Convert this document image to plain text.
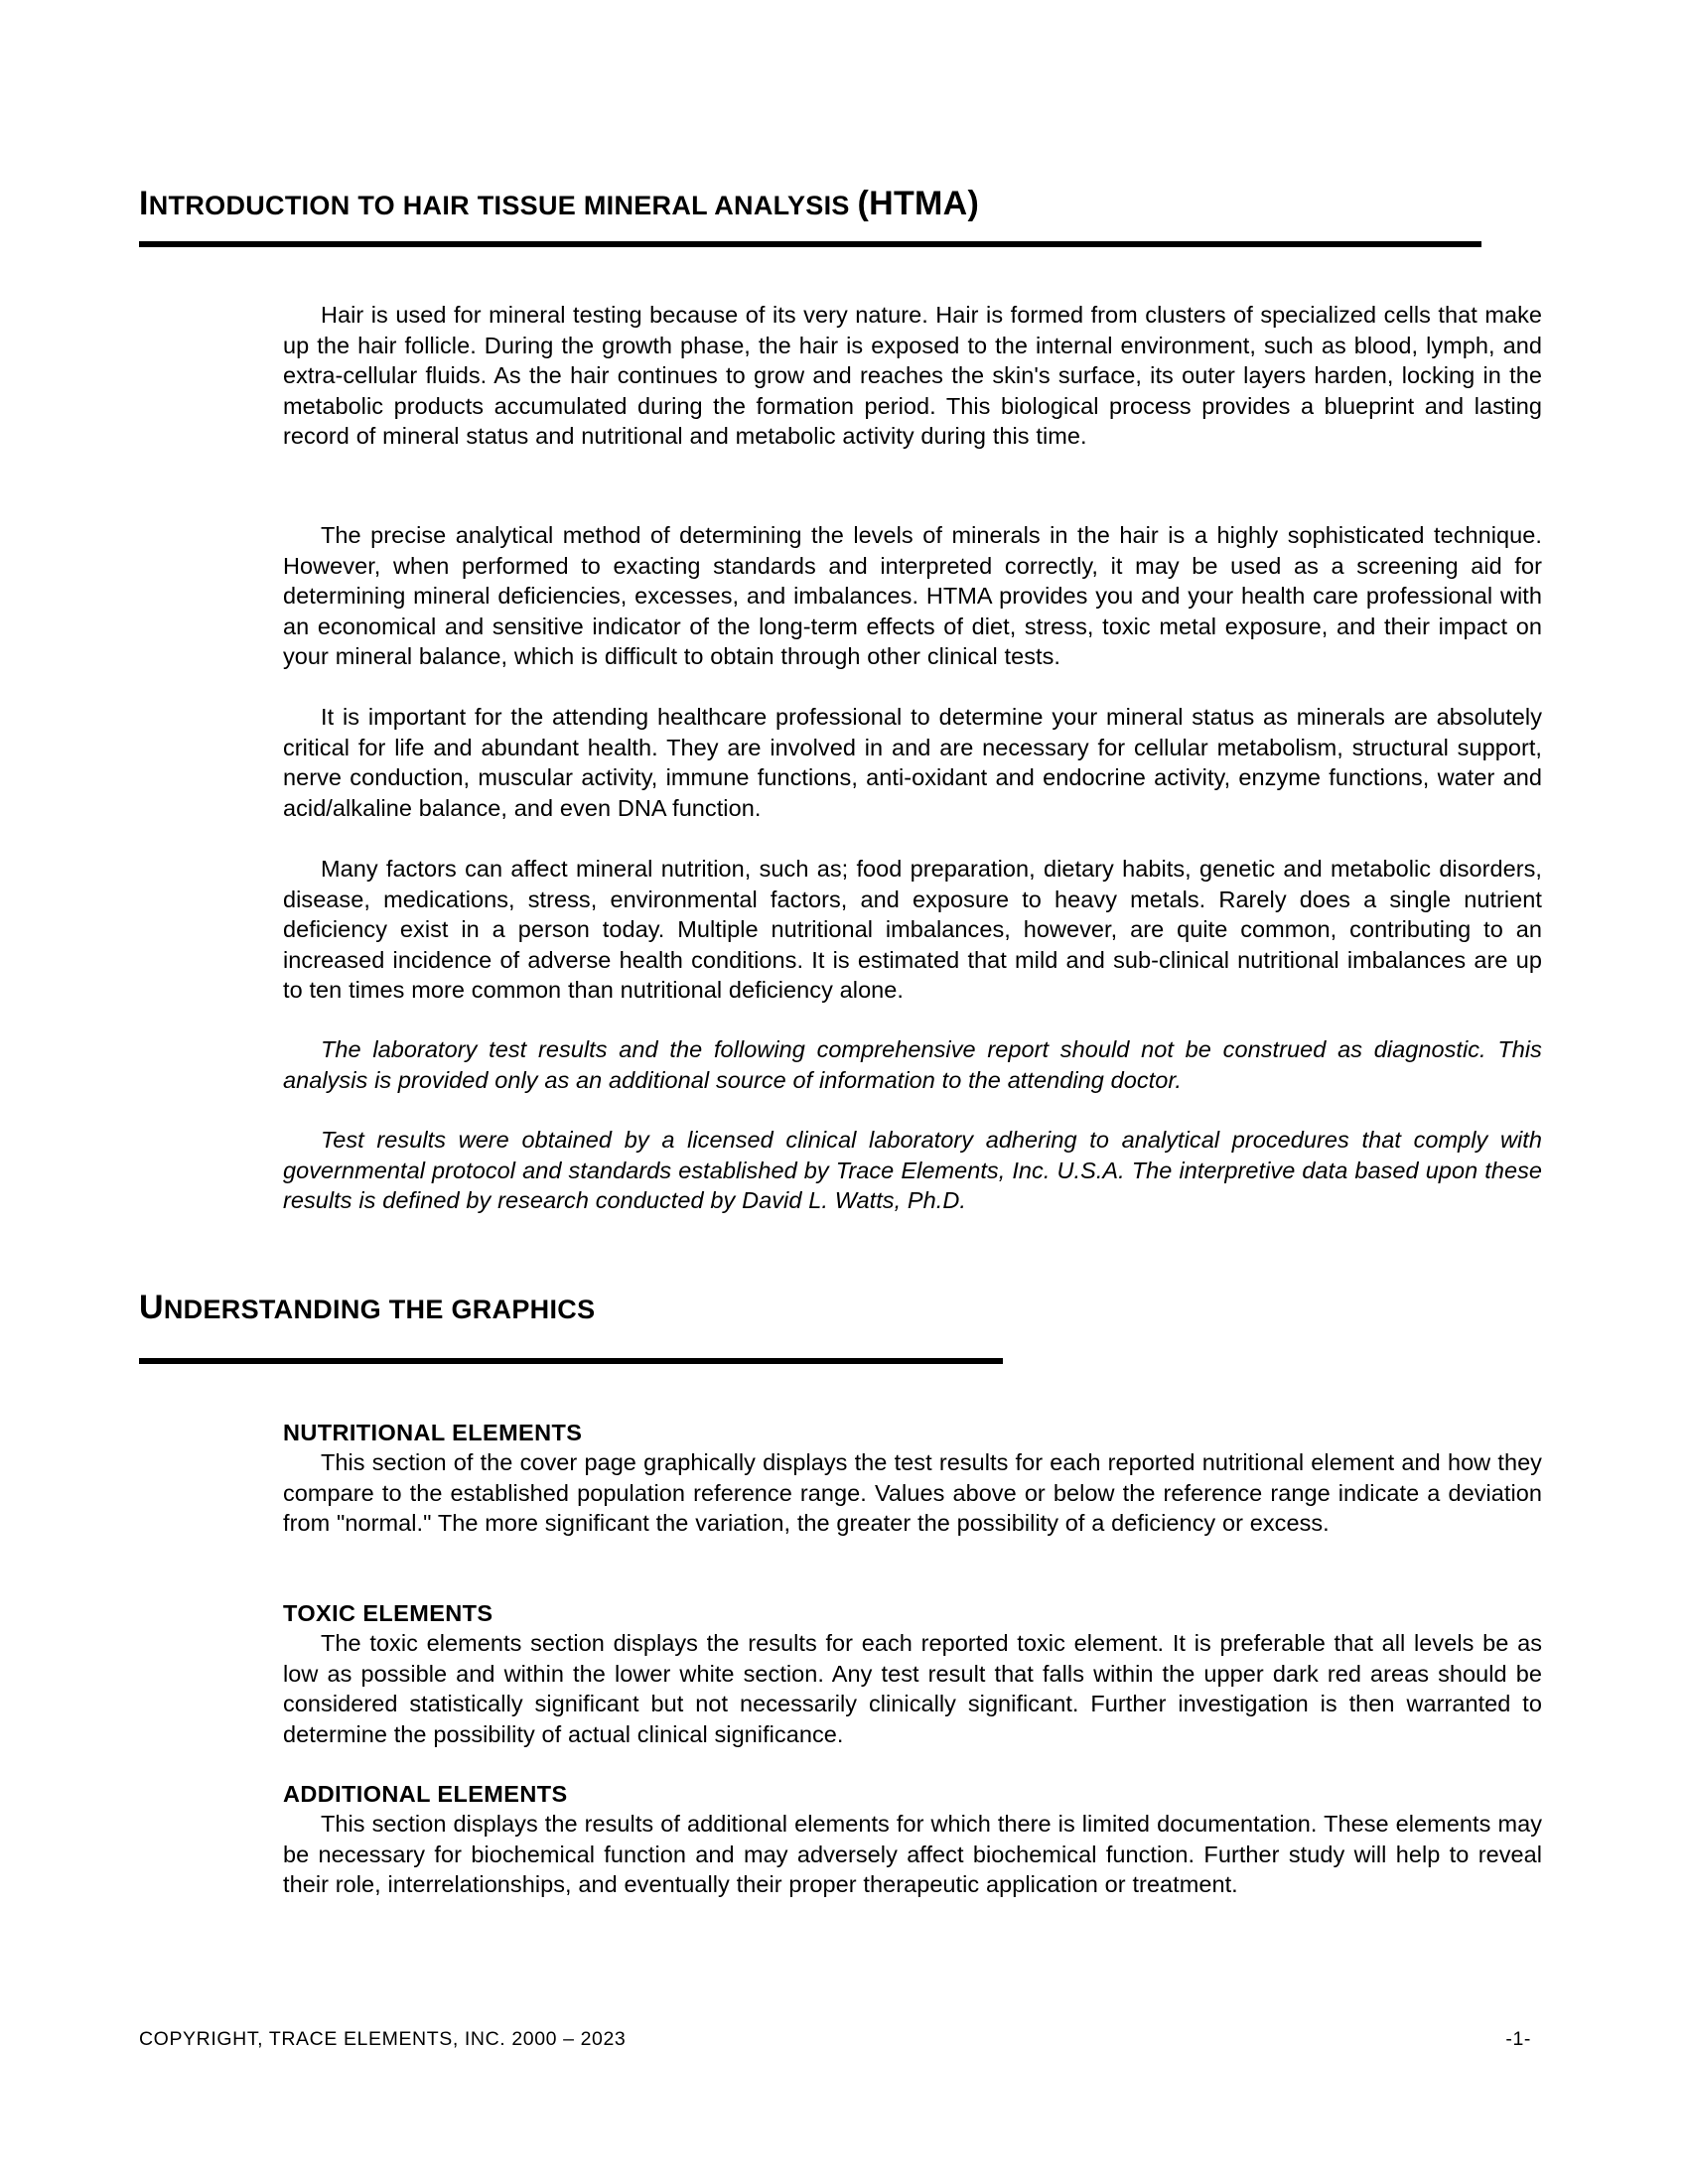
INTRODUCTION TO HAIR TISSUE MINERAL ANALYSIS (HTMA)

Hair is used for mineral testing because of its very nature. Hair is formed from clusters of specialized cells that make up the hair follicle. During the growth phase, the hair is exposed to the internal environment, such as blood, lymph, and extra-cellular fluids. As the hair continues to grow and reaches the skin's surface, its outer layers harden, locking in the metabolic products accumulated during the formation period. This biological process provides a blueprint and lasting record of mineral status and nutritional and metabolic activity during this time.

The precise analytical method of determining the levels of minerals in the hair is a highly sophisticated technique. However, when performed to exacting standards and interpreted correctly, it may be used as a screening aid for determining mineral deficiencies, excesses, and imbalances. HTMA provides you and your health care professional with an economical and sensitive indicator of the long-term effects of diet, stress, toxic metal exposure, and their impact on your mineral balance, which is difficult to obtain through other clinical tests.

It is important for the attending healthcare professional to determine your mineral status as minerals are absolutely critical for life and abundant health. They are involved in and are necessary for cellular metabolism, structural support, nerve conduction, muscular activity, immune functions, anti-oxidant and endocrine activity, enzyme functions, water and acid/alkaline balance, and even DNA function.

Many factors can affect mineral nutrition, such as; food preparation, dietary habits, genetic and metabolic disorders, disease, medications, stress, environmental factors, and exposure to heavy metals. Rarely does a single nutrient deficiency exist in a person today. Multiple nutritional imbalances, however, are quite common, contributing to an increased incidence of adverse health conditions. It is estimated that mild and sub-clinical nutritional imbalances are up to ten times more common than nutritional deficiency alone.

The laboratory test results and the following comprehensive report should not be construed as diagnostic. This analysis is provided only as an additional source of information to the attending doctor.

Test results were obtained by a licensed clinical laboratory adhering to analytical procedures that comply with governmental protocol and standards established by Trace Elements, Inc. U.S.A. The interpretive data based upon these results is defined by research conducted by David L. Watts, Ph.D.

UNDERSTANDING THE GRAPHICS
NUTRITIONAL ELEMENTS

This section of the cover page graphically displays the test results for each reported nutritional element and how they compare to the established population reference range. Values above or below the reference range indicate a deviation from "normal." The more significant the variation, the greater the possibility of a deficiency or excess.

TOXIC ELEMENTS

The toxic elements section displays the results for each reported toxic element. It is preferable that all levels be as low as possible and within the lower white section. Any test result that falls within the upper dark red areas should be considered statistically significant but not necessarily clinically significant. Further investigation is then warranted to determine the possibility of actual clinical significance.

ADDITIONAL ELEMENTS

This section displays the results of additional elements for which there is limited documentation. These elements may be necessary for biochemical function and may adversely affect biochemical function. Further study will help to reveal their role, interrelationships, and eventually their proper therapeutic application or treatment.

COPYRIGHT, TRACE ELEMENTS, INC. 2000 – 2023	-1-
